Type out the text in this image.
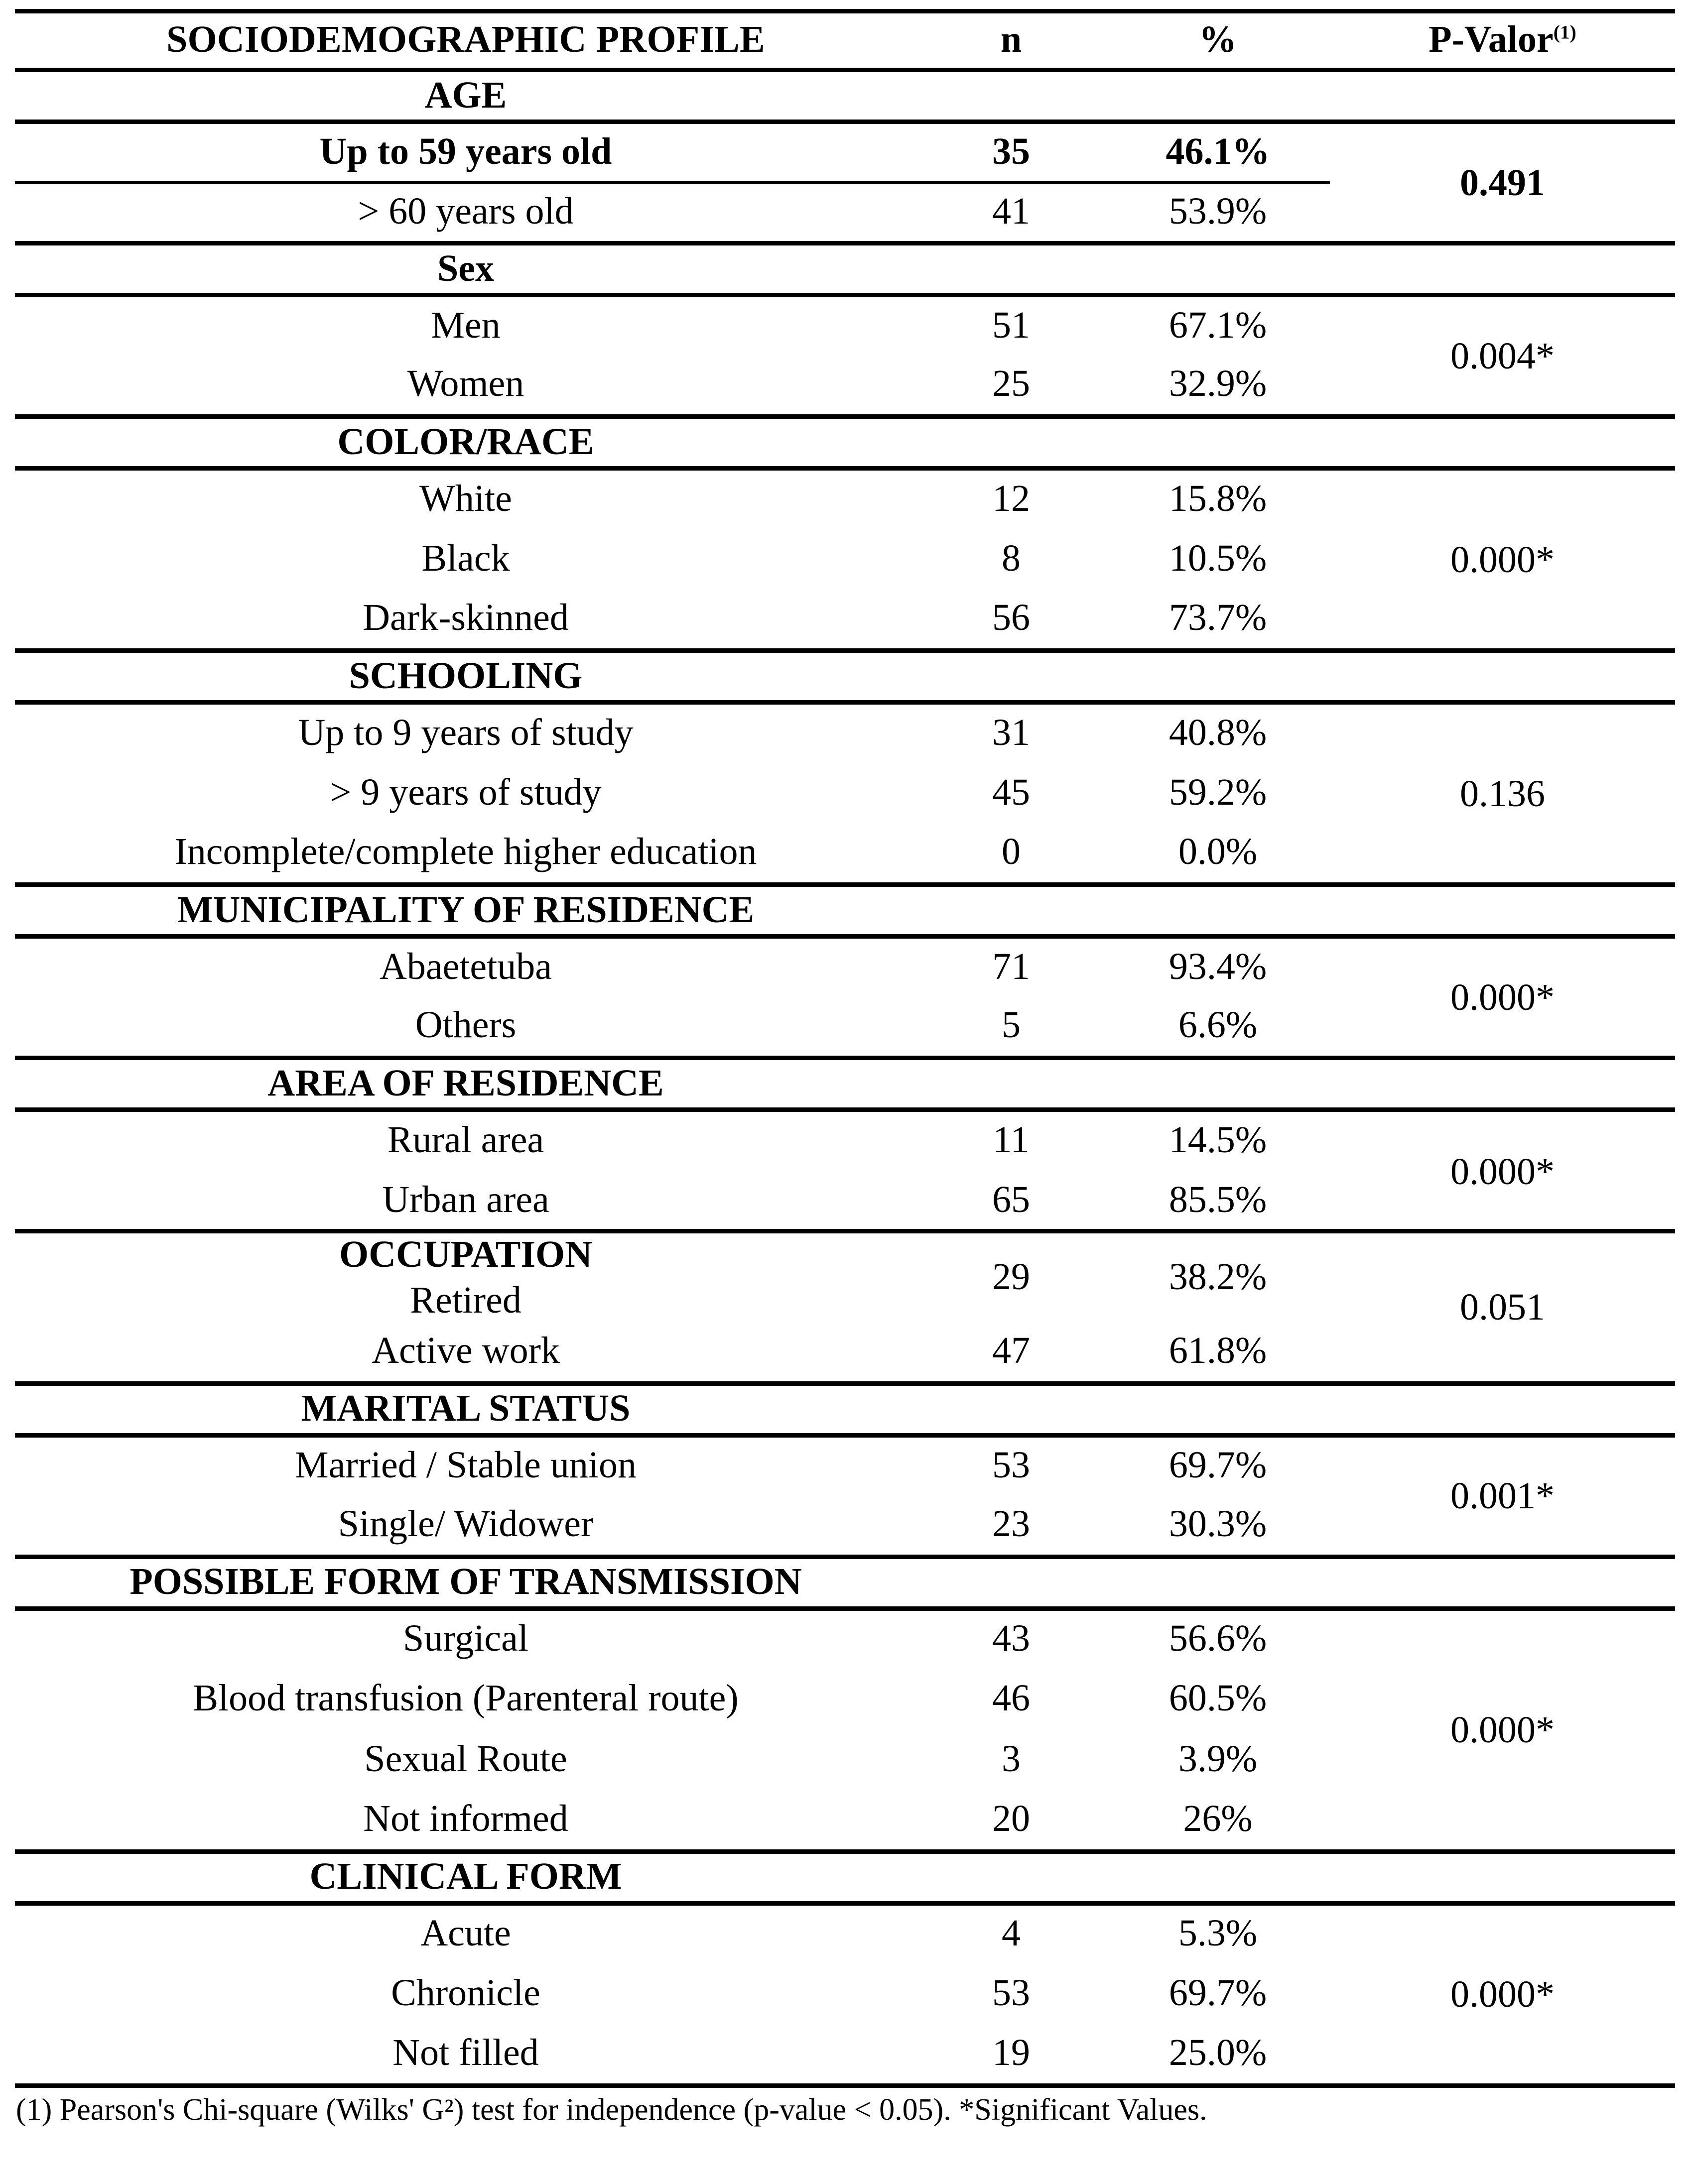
SOCIODEMOGRAPHIC PROFILE	n	%	P-Valor$^{(1)}$
AGE			
Up to 59 years old	35	46.1%	0.491
> 60 years old	41	53.9%	
Sex			
Men	51	67.1%	0.004*
Women	25	32.9%	
COLOR/RACE			
White	12	15.8%	0.000*
Black	8	10.5%	
Dark-skinned	56	73.7%	
SCHOOLING			
Up to 9 years of study	31	40.8%	0.136
> 9 years of study	45	59.2%	
Incomplete/complete higher education	0	0.0%	
MUNICIPALITY OF RESIDENCE			
Abaetetuba	71	93.4%	0.000*
Others	5	6.6%	
AREA OF RESIDENCE			
Rural area	11	14.5%	0.000*
Urban area	65	85.5%	

OCCUPATION
Retired	29	38.2%	0.051
Active work	47	61.8%	
MARITAL STATUS			
Married / Stable union	53	69.7%	0.001*
Single/ Widower	23	30.3%	
POSSIBLE FORM OF TRANSMISSION			
Surgical	43	56.6%	0.000*
Blood transfusion (Parenteral route)	46	60.5%	
Sexual Route	3	3.9%	
Not informed	20	26%	
CLINICAL FORM			
Acute	4	5.3%	0.000*
Chronicle	53	69.7%	
Not filled	19	25.0%	
(1) Pearson's Chi-square (Wilks' G²) test for independence (p-value < 0.05). *Significant Values.
